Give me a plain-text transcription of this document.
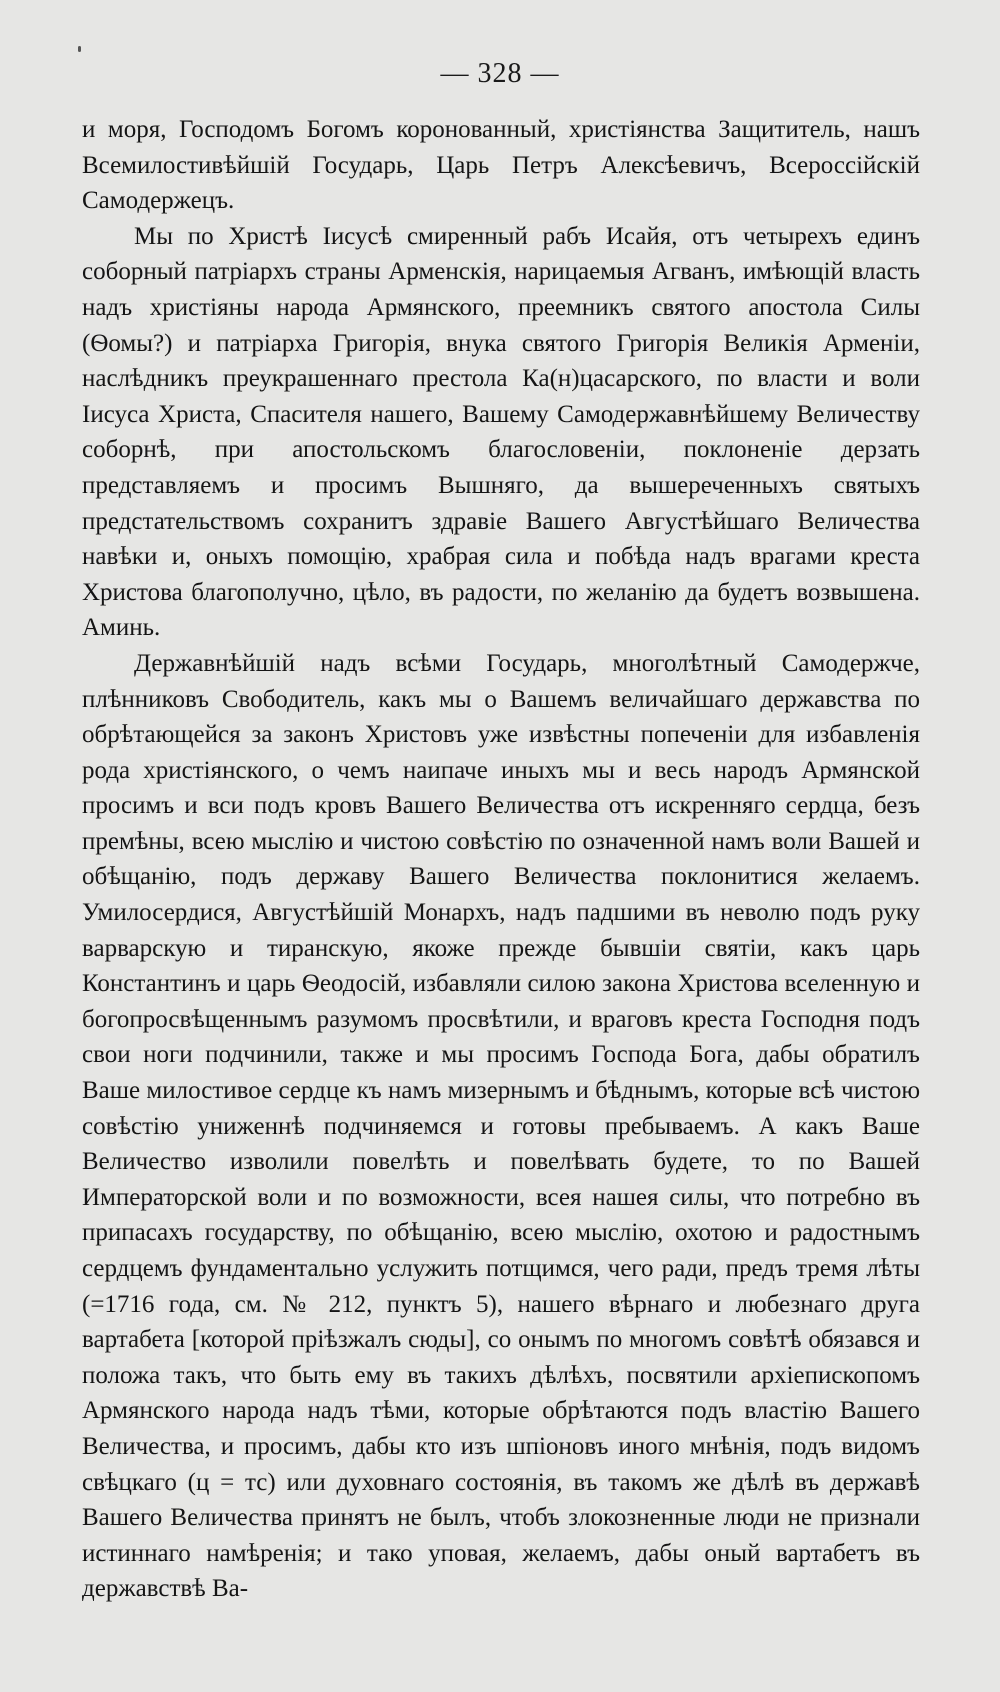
— 328 —

и моря, Господомъ Богомъ коронованный, христіянства Защититель, нашъ Всемилостивѣйшій Государь, Царь Петръ Алексѣевичъ, Всероссійскій Самодержецъ.

Мы по Христѣ Іисусѣ смиренный рабъ Исайя, отъ четырехъ единъ соборный патріархъ страны Арменскія, нарицаемыя Агванъ, имѣющій власть надъ христіяны народа Армянского, преемникъ святого апостола Силы (Ѳомы?) и патріарха Григорія, внука святого Григорія Великія Арменіи, наслѣдникъ преукрашеннаго престола Ка(н)цасарского, по власти и воли Іисуса Христа, Спасителя нашего, Вашему Самодержавнѣйшему Величеству соборнѣ, при апостольскомъ благословеніи, поклоненіе дерзать представляемъ и просимъ Вышняго, да вышереченныхъ святыхъ предстательствомъ сохранитъ здравіе Вашего Августѣйшаго Величества навѣки и, оныхъ помощію, храбрая сила и побѣда надъ врагами креста Христова благополучно, цѣло, въ радости, по желанію да будетъ возвышена. Аминь.

Державнѣйшій надъ всѣми Государь, многолѣтный Самодержче, плѣнниковъ Свободитель, какъ мы о Вашемъ величайшаго державства по обрѣтающейся за законъ Христовъ уже извѣстны попеченіи для избавленія рода христіянского, о чемъ наипаче иныхъ мы и весь народъ Армянской просимъ и вси подъ кровъ Вашего Величества отъ искренняго сердца, безъ премѣны, всею мыслію и чистою совѣстію по означенной намъ воли Вашей и обѣщанію, подъ державу Вашего Величества поклонитися желаемъ. Умилосердися, Августѣйшій Монархъ, надъ падшими въ неволю подъ руку варварскую и тиранскую, якоже прежде бывшіи святіи, какъ царь Константинъ и царь Ѳеодосій, избавляли силою закона Христова вселенную и богопросвѣщеннымъ разумомъ просвѣтили, и враговъ креста Господня подъ свои ноги подчинили, также и мы просимъ Господа Бога, дабы обратилъ Ваше милостивое сердце къ намъ мизернымъ и бѣднымъ, которые всѣ чистою совѣстію униженнѣ подчиняемся и готовы пребываемъ. А какъ Ваше Величество изволили повелѣть и повелѣвать будете, то по Вашей Императорской воли и по возможности, всея нашея силы, что потребно въ припасахъ государству, по обѣщанію, всею мыслію, охотою и радостнымъ сердцемъ фундаментально услужить потщимся, чего ради, предъ тремя лѣты (=1716 года, см. № 212, пунктъ 5), нашего вѣрнаго и любезнаго друга вартабета [которой пріѣзжалъ сюды], со онымъ по многомъ совѣтѣ обязався и положа такъ, что быть ему въ такихъ дѣлѣхъ, посвятили архіепископомъ Армянского народа надъ тѣми, которые обрѣтаются подъ властію Вашего Величества, и просимъ, дабы кто изъ шпіоновъ иного мнѣнія, подъ видомъ свѣцкаго (ц = тс) или духовнаго состоянія, въ такомъ же дѣлѣ въ державѣ Вашего Величества принятъ не былъ, чтобъ злокозненные люди не признали истиннаго намѣренія; и тако уповая, желаемъ, дабы оный вартабетъ въ державствѣ Ва-
